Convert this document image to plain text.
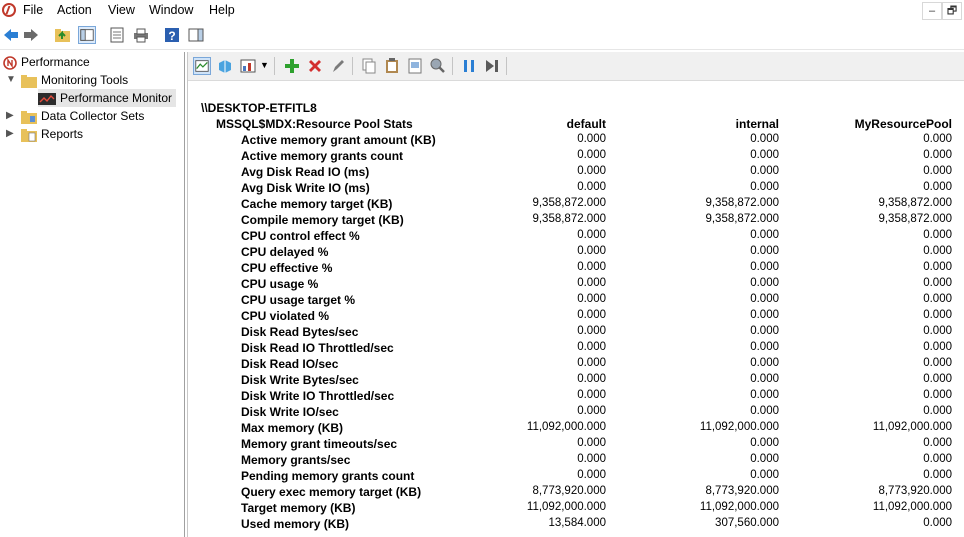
File Action View Window Help	–	🗗
?
Performance
▼	Monitoring Tools
Performance Monitor
▶	Data Collector Sets
▶	Reports
▼
\\DESKTOP-ETFITL8
MSSQL$MDX:Resource Pool Stats	default	internal	MyResourcePool
Active memory grant amount (KB)	0.000	0.000	0.000
Active memory grants count	0.000	0.000	0.000
Avg Disk Read IO (ms)	0.000	0.000	0.000
Avg Disk Write IO (ms)	0.000	0.000	0.000
Cache memory target (KB)	9,358,872.000	9,358,872.000	9,358,872.000
Compile memory target (KB)	9,358,872.000	9,358,872.000	9,358,872.000
CPU control effect %	0.000	0.000	0.000
CPU delayed %	0.000	0.000	0.000
CPU effective %	0.000	0.000	0.000
CPU usage %	0.000	0.000	0.000
CPU usage target %	0.000	0.000	0.000
CPU violated %	0.000	0.000	0.000
Disk Read Bytes/sec	0.000	0.000	0.000
Disk Read IO Throttled/sec	0.000	0.000	0.000
Disk Read IO/sec	0.000	0.000	0.000
Disk Write Bytes/sec	0.000	0.000	0.000
Disk Write IO Throttled/sec	0.000	0.000	0.000
Disk Write IO/sec	0.000	0.000	0.000
Max memory (KB)	11,092,000.000	11,092,000.000	11,092,000.000
Memory grant timeouts/sec	0.000	0.000	0.000
Memory grants/sec	0.000	0.000	0.000
Pending memory grants count	0.000	0.000	0.000
Query exec memory target (KB)	8,773,920.000	8,773,920.000	8,773,920.000
Target memory (KB)	11,092,000.000	11,092,000.000	11,092,000.000
Used memory (KB)	13,584.000	307,560.000	0.000
